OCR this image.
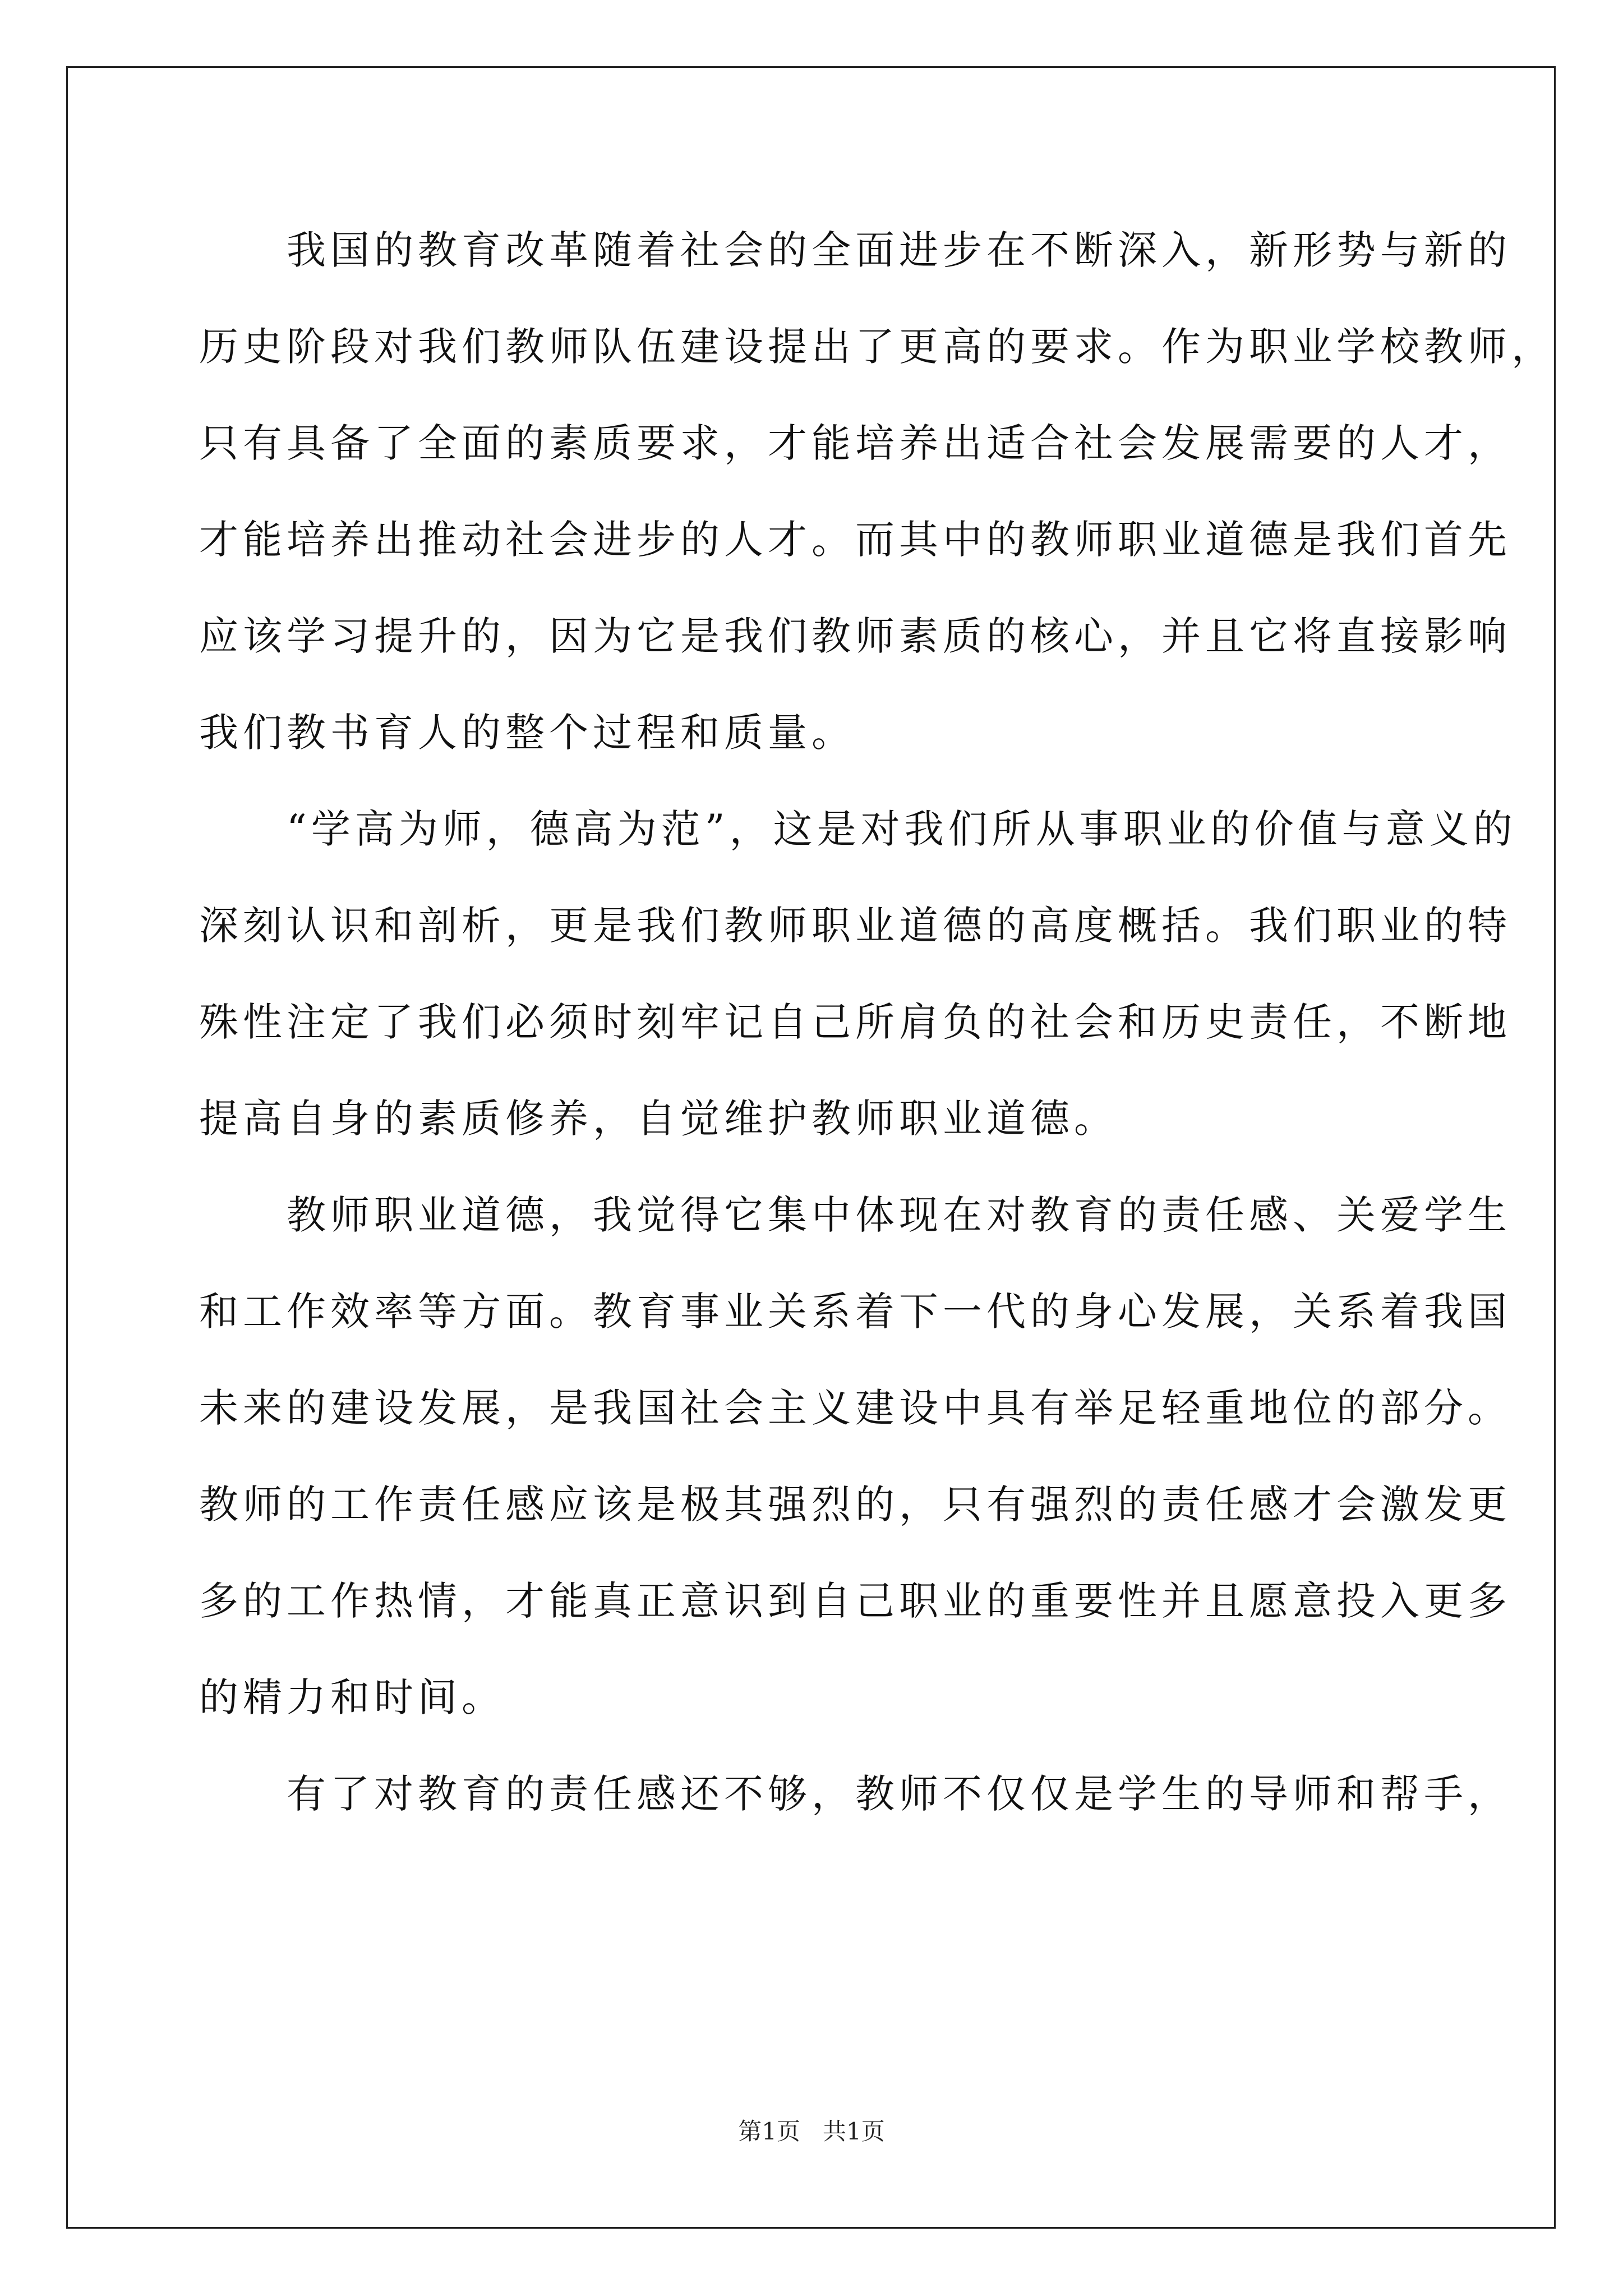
　　我国的教育改革随着社会的全面进步在不断深入，新形势与新的
历史阶段对我们教师队伍建设提出了更高的要求。作为职业学校教师，
只有具备了全面的素质要求，才能培养出适合社会发展需要的人才，
才能培养出推动社会进步的人才。而其中的教师职业道德是我们首先
应该学习提升的，因为它是我们教师素质的核心，并且它将直接影响
我们教书育人的整个过程和质量。
　　“学高为师，德高为范”，这是对我们所从事职业的价值与意义的
深刻认识和剖析，更是我们教师职业道德的高度概括。我们职业的特
殊性注定了我们必须时刻牢记自己所肩负的社会和历史责任，不断地
提高自身的素质修养，自觉维护教师职业道德。
　　教师职业道德，我觉得它集中体现在对教育的责任感、关爱学生
和工作效率等方面。教育事业关系着下一代的身心发展，关系着我国
未来的建设发展，是我国社会主义建设中具有举足轻重地位的部分。
教师的工作责任感应该是极其强烈的，只有强烈的责任感才会激发更
多的工作热情，才能真正意识到自己职业的重要性并且愿意投入更多
的精力和时间。
　　有了对教育的责任感还不够，教师不仅仅是学生的导师和帮手，
第1页 共1页
